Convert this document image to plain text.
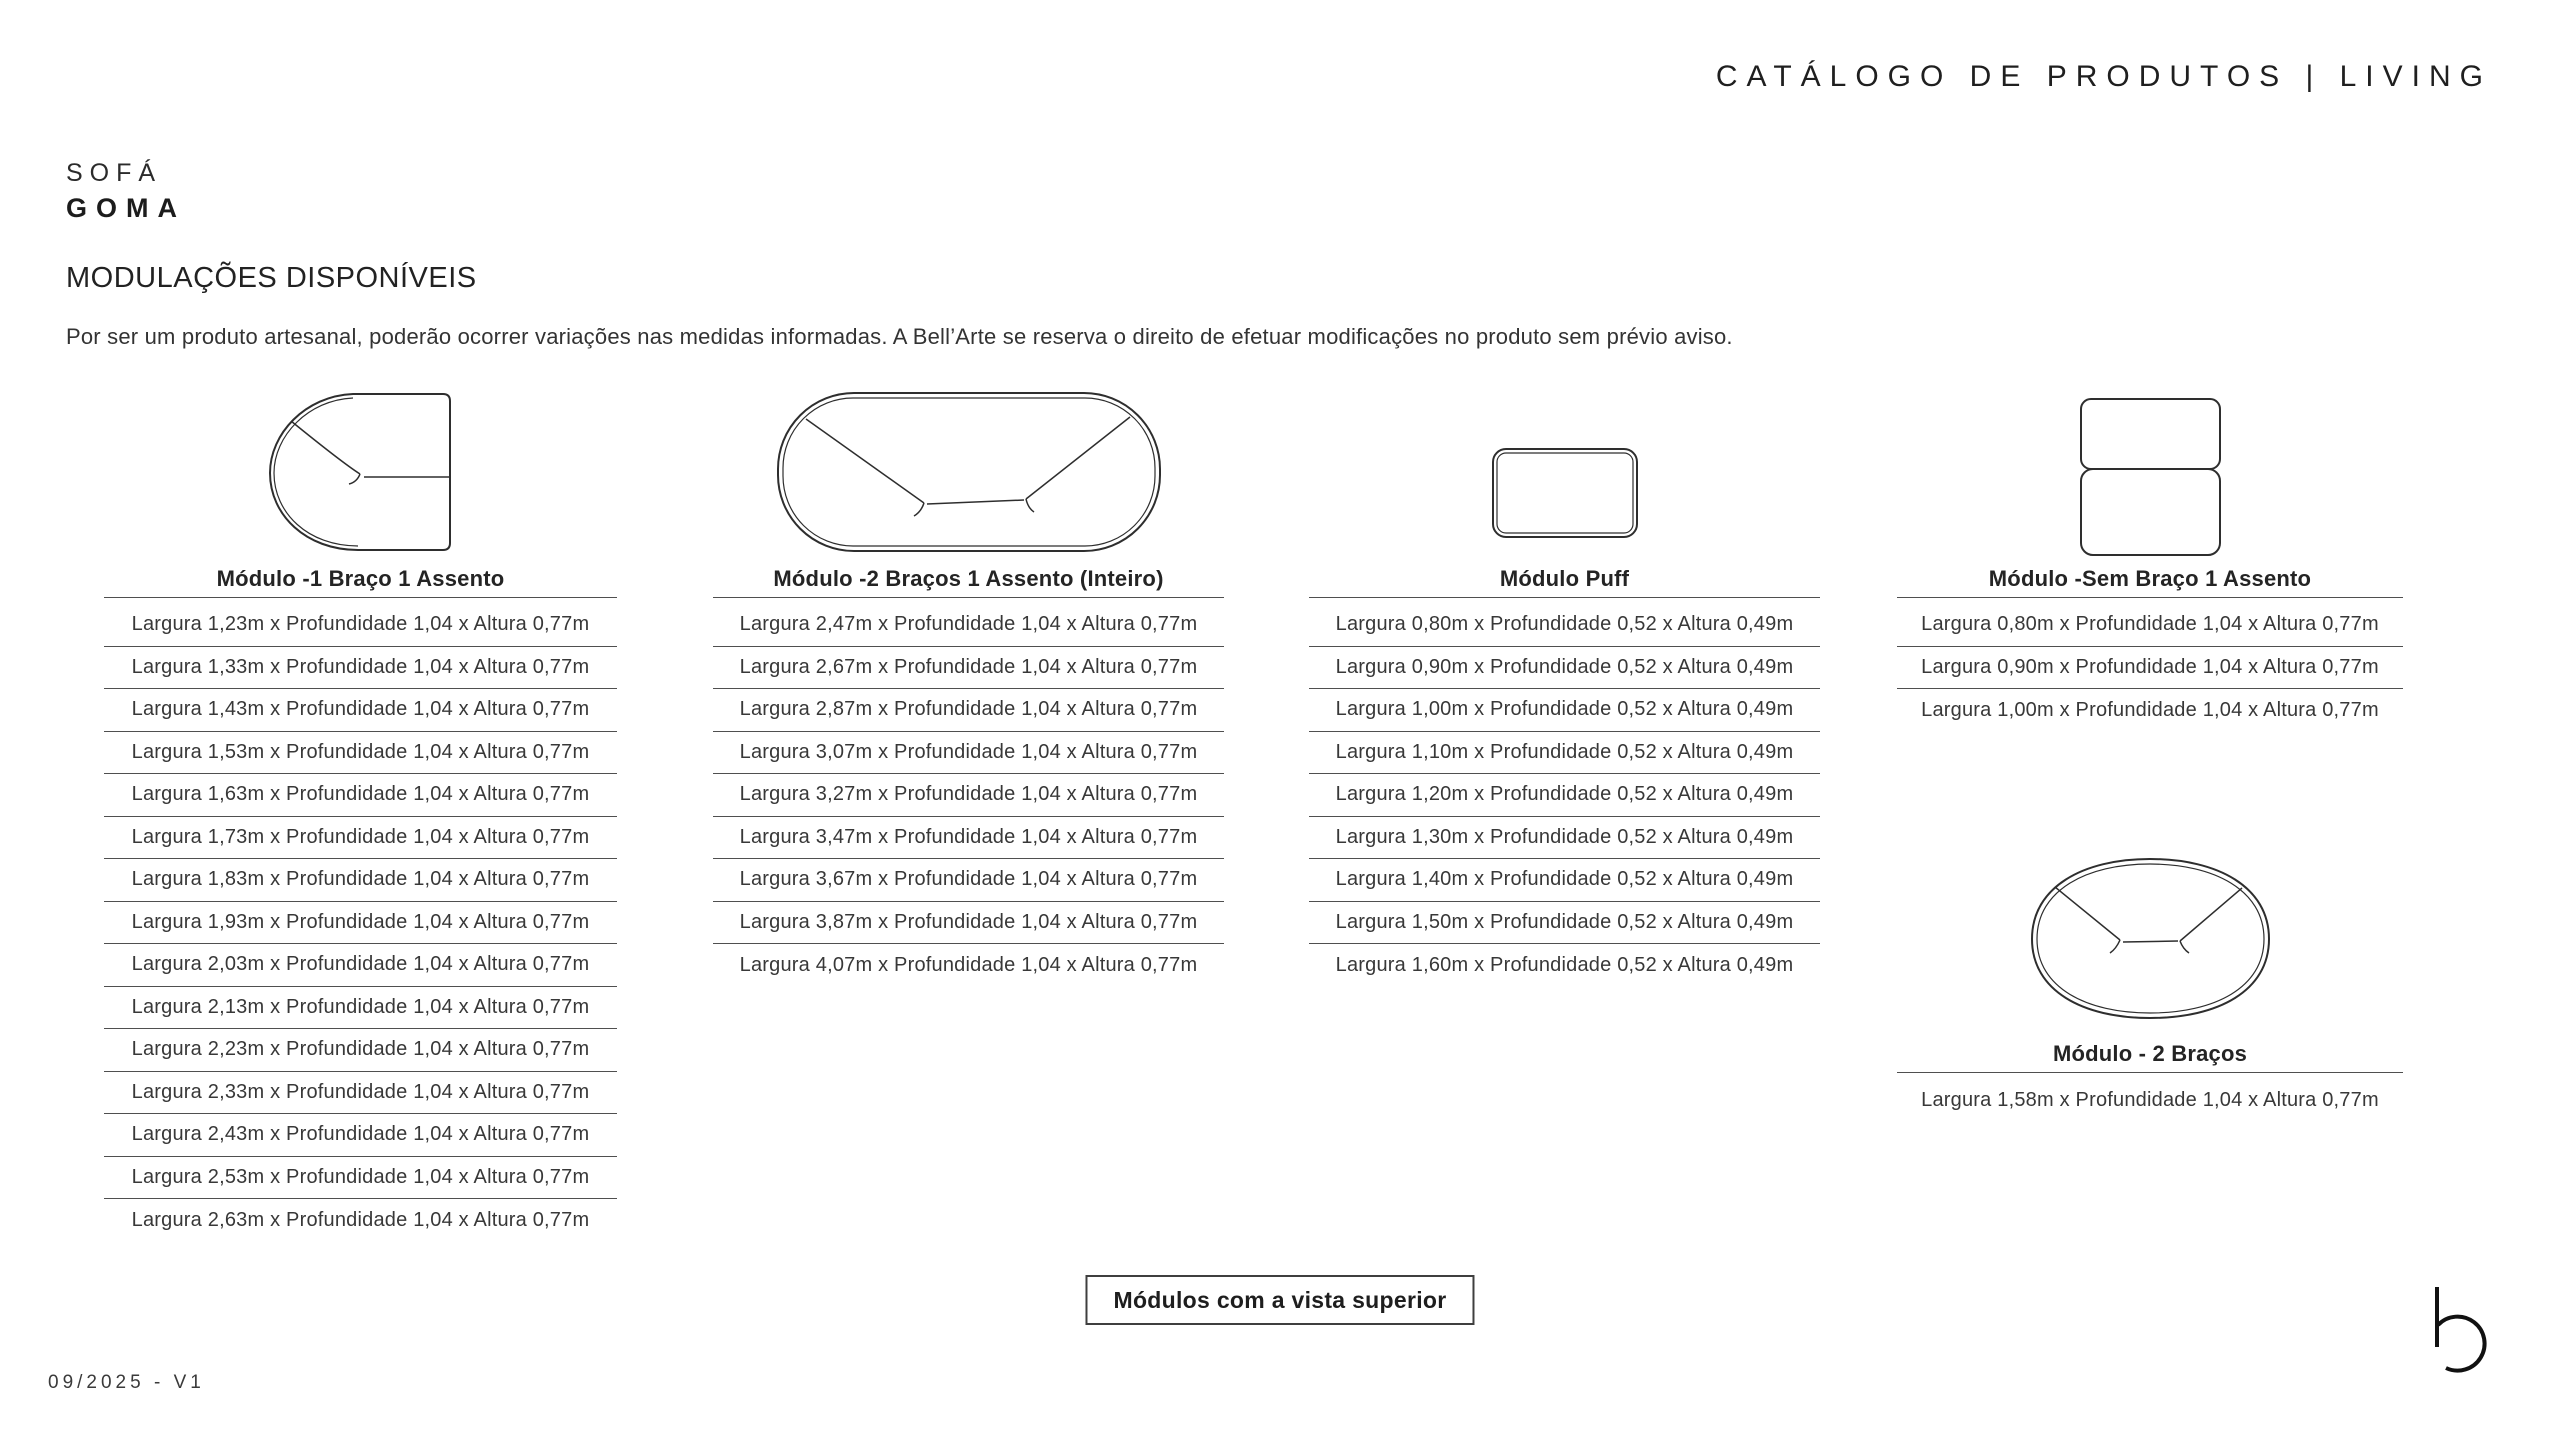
CATÁLOGO DE PRODUTOS | LIVING
SOFÁ
GOMA
MODULAÇÕES DISPONÍVEIS
Por ser um produto artesanal, poderão ocorrer variações nas medidas informadas. A Bell’Arte se reserva o direito de efetuar modificações no produto sem prévio aviso.
Módulo -1 Braço 1 Assento
Largura 1,23m x Profundidade 1,04 x Altura 0,77m
Largura 1,33m x Profundidade 1,04 x Altura 0,77m
Largura 1,43m x Profundidade 1,04 x Altura 0,77m
Largura 1,53m x Profundidade 1,04 x Altura 0,77m
Largura 1,63m x Profundidade 1,04 x Altura 0,77m
Largura 1,73m x Profundidade 1,04 x Altura 0,77m
Largura 1,83m x Profundidade 1,04 x Altura 0,77m
Largura 1,93m x Profundidade 1,04 x Altura 0,77m
Largura 2,03m x Profundidade 1,04 x Altura 0,77m
Largura 2,13m x Profundidade 1,04 x Altura 0,77m
Largura 2,23m x Profundidade 1,04 x Altura 0,77m
Largura 2,33m x Profundidade 1,04 x Altura 0,77m
Largura 2,43m x Profundidade 1,04 x Altura 0,77m
Largura 2,53m x Profundidade 1,04 x Altura 0,77m
Largura 2,63m x Profundidade 1,04 x Altura 0,77m
Módulo -2 Braços 1 Assento (Inteiro)
Largura 2,47m x Profundidade 1,04 x Altura 0,77m
Largura 2,67m x Profundidade 1,04 x Altura 0,77m
Largura 2,87m x Profundidade 1,04 x Altura 0,77m
Largura 3,07m x Profundidade 1,04 x Altura 0,77m
Largura 3,27m x Profundidade 1,04 x Altura 0,77m
Largura 3,47m x Profundidade 1,04 x Altura 0,77m
Largura 3,67m x Profundidade 1,04 x Altura 0,77m
Largura 3,87m x Profundidade 1,04 x Altura 0,77m
Largura 4,07m x Profundidade 1,04 x Altura 0,77m
Módulo Puff
Largura 0,80m x Profundidade 0,52 x Altura 0,49m
Largura 0,90m x Profundidade 0,52 x Altura 0,49m
Largura 1,00m x Profundidade 0,52 x Altura 0,49m
Largura 1,10m x Profundidade 0,52 x Altura 0,49m
Largura 1,20m x Profundidade 0,52 x Altura 0,49m
Largura 1,30m x Profundidade 0,52 x Altura 0,49m
Largura 1,40m x Profundidade 0,52 x Altura 0,49m
Largura 1,50m x Profundidade 0,52 x Altura 0,49m
Largura 1,60m x Profundidade 0,52 x Altura 0,49m
Módulo -Sem Braço 1 Assento
Largura 0,80m x Profundidade 1,04 x Altura 0,77m
Largura 0,90m x Profundidade 1,04 x Altura 0,77m
Largura 1,00m x Profundidade 1,04 x Altura 0,77m
Módulo - 2 Braços
Largura 1,58m x Profundidade 1,04 x Altura 0,77m
Módulos com a vista superior
09/2025 - V1
